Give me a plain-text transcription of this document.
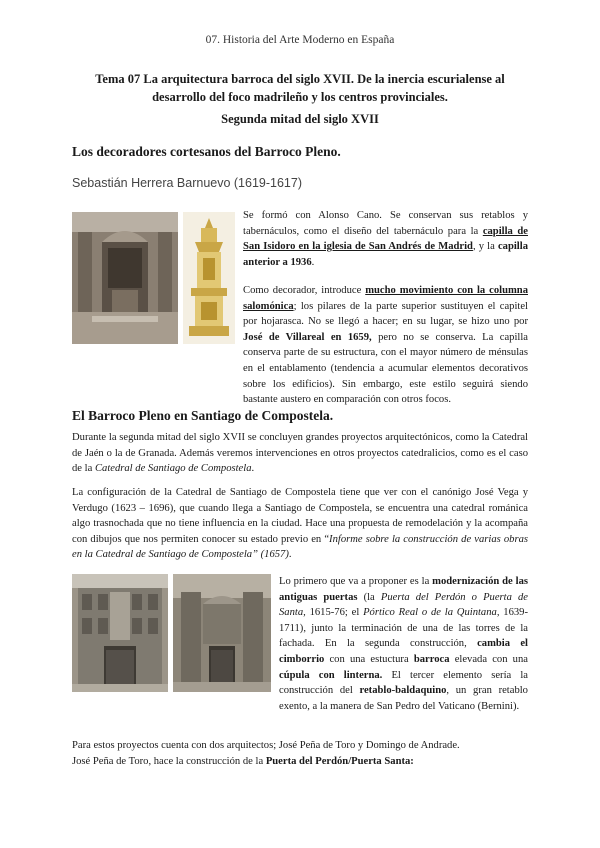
07. Historia del Arte Moderno en España
Tema 07 La arquitectura barroca del siglo XVII. De la inercia escurialense al desarrollo del foco madrileño y los centros provinciales.
Segunda mitad del siglo XVII
Los decoradores cortesanos del Barroco Pleno.
Sebastián Herrera Barnuevo (1619-1617)
Se formó con Alonso Cano. Se conservan sus retablos y tabernáculos, como el diseño del tabernáculo para la capilla de San Isidoro en la iglesia de San Andrés de Madrid, y la capilla anterior a 1936.
Como decorador, introduce mucho movimiento con la columna salomónica; los pilares de la parte superior sustituyen el capitel por hojarasca. No se llegó a hacer; en su lugar, se hizo uno por José de Villareal en 1659, pero no se conserva. La capilla conserva parte de su estructura, con el mayor número de ménsulas en el entablamento (tendencia a acumular elementos decorativos sobre los edificios). Sin embargo, este estilo seguirá siendo bastante austero en comparación con otros focos.
El Barroco Pleno en Santiago de Compostela.
Durante la segunda mitad del siglo XVII se concluyen grandes proyectos arquitectónicos, como la Catedral de Jaén o la de Granada. Además veremos intervenciones en otros proyectos catedralicios, como es el caso de la Catedral de Santiago de Compostela.
La configuración de la Catedral de Santiago de Compostela tiene que ver con el canónigo José Vega y Verdugo (1623 – 1696), que cuando llega a Santiago de Compostela, se encuentra una catedral románica algo trasnochada que no tiene influencia en la ciudad. Hace una propuesta de remodelación y la acompaña con dibujos que nos permiten conocer su estado previo en “Informe sobre la construcción de varias obras en la Catedral de Santiago de Compostela” (1657).
Lo primero que va a proponer es la modernización de las antiguas puertas (la Puerta del Perdón o Puerta de Santa, 1615-76; el Pórtico Real o de la Quintana, 1639-1711), junto la terminación de una de las torres de la fachada. En la segunda construcción, cambia el cimborrio con una estuctura barroca elevada con una cúpula con linterna. El tercer elemento sería la construcción del retablo-baldaquino, un gran retablo exento, a la manera de San Pedro del Vaticano (Bernini).
Para estos proyectos cuenta con dos arquitectos; José Peña de Toro y Domingo de Andrade.
José Peña de Toro, hace la construcción de la Puerta del Perdón/Puerta Santa:
